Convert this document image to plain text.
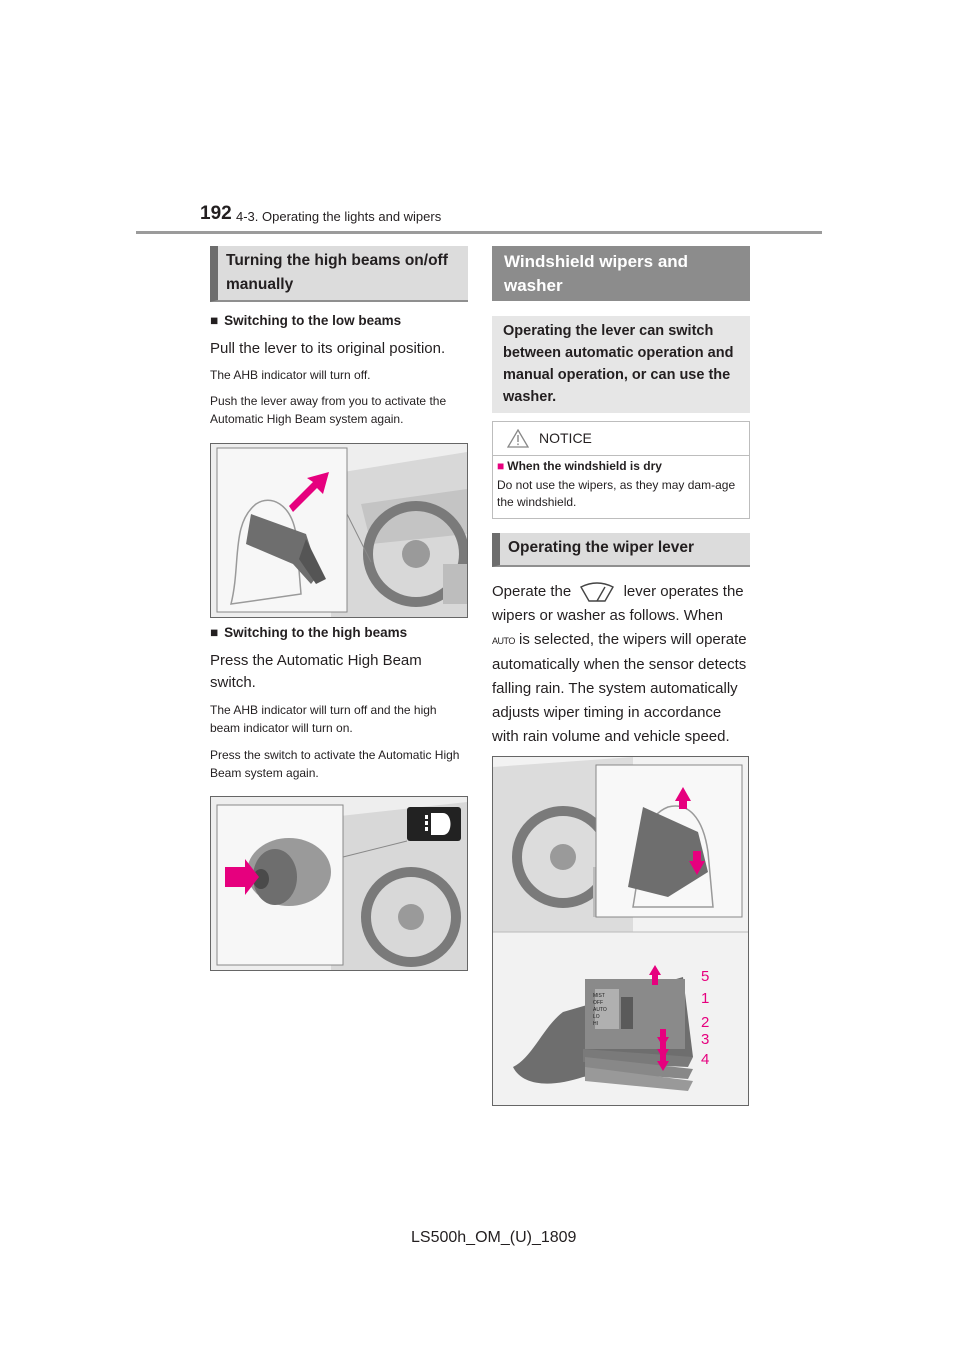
192 4-3. Operating the lights and wipers
Turning the high beams on/off manually
■ Switching to the low beams
Pull the lever to its original position.
The AHB indicator will turn off.
Push the lever away from you to activate the Automatic High Beam system again.
■ Switching to the high beams
Press the Automatic High Beam switch.
The AHB indicator will turn off and the high beam indicator will turn on.
Press the switch to activate the Automatic High Beam system again.
Windshield wipers and washer
Operating the lever can switch between automatic operation and manual operation, or can use the washer.
NOTICE
■ When the windshield is dry
Do not use the wipers, as they may dam-age the windshield.
Operating the wiper lever
Operate the	lever operates the wipers or washer as follows. When
AUTO is selected, the wipers will operate automatically when the sensor detects falling rain. The system automatically adjusts wiper timing in accordance with rain volume and vehicle speed.
MIST
OFF
AUTO
LO
HI
5
1
2
3
4
LS500h_OM_(U)_1809
